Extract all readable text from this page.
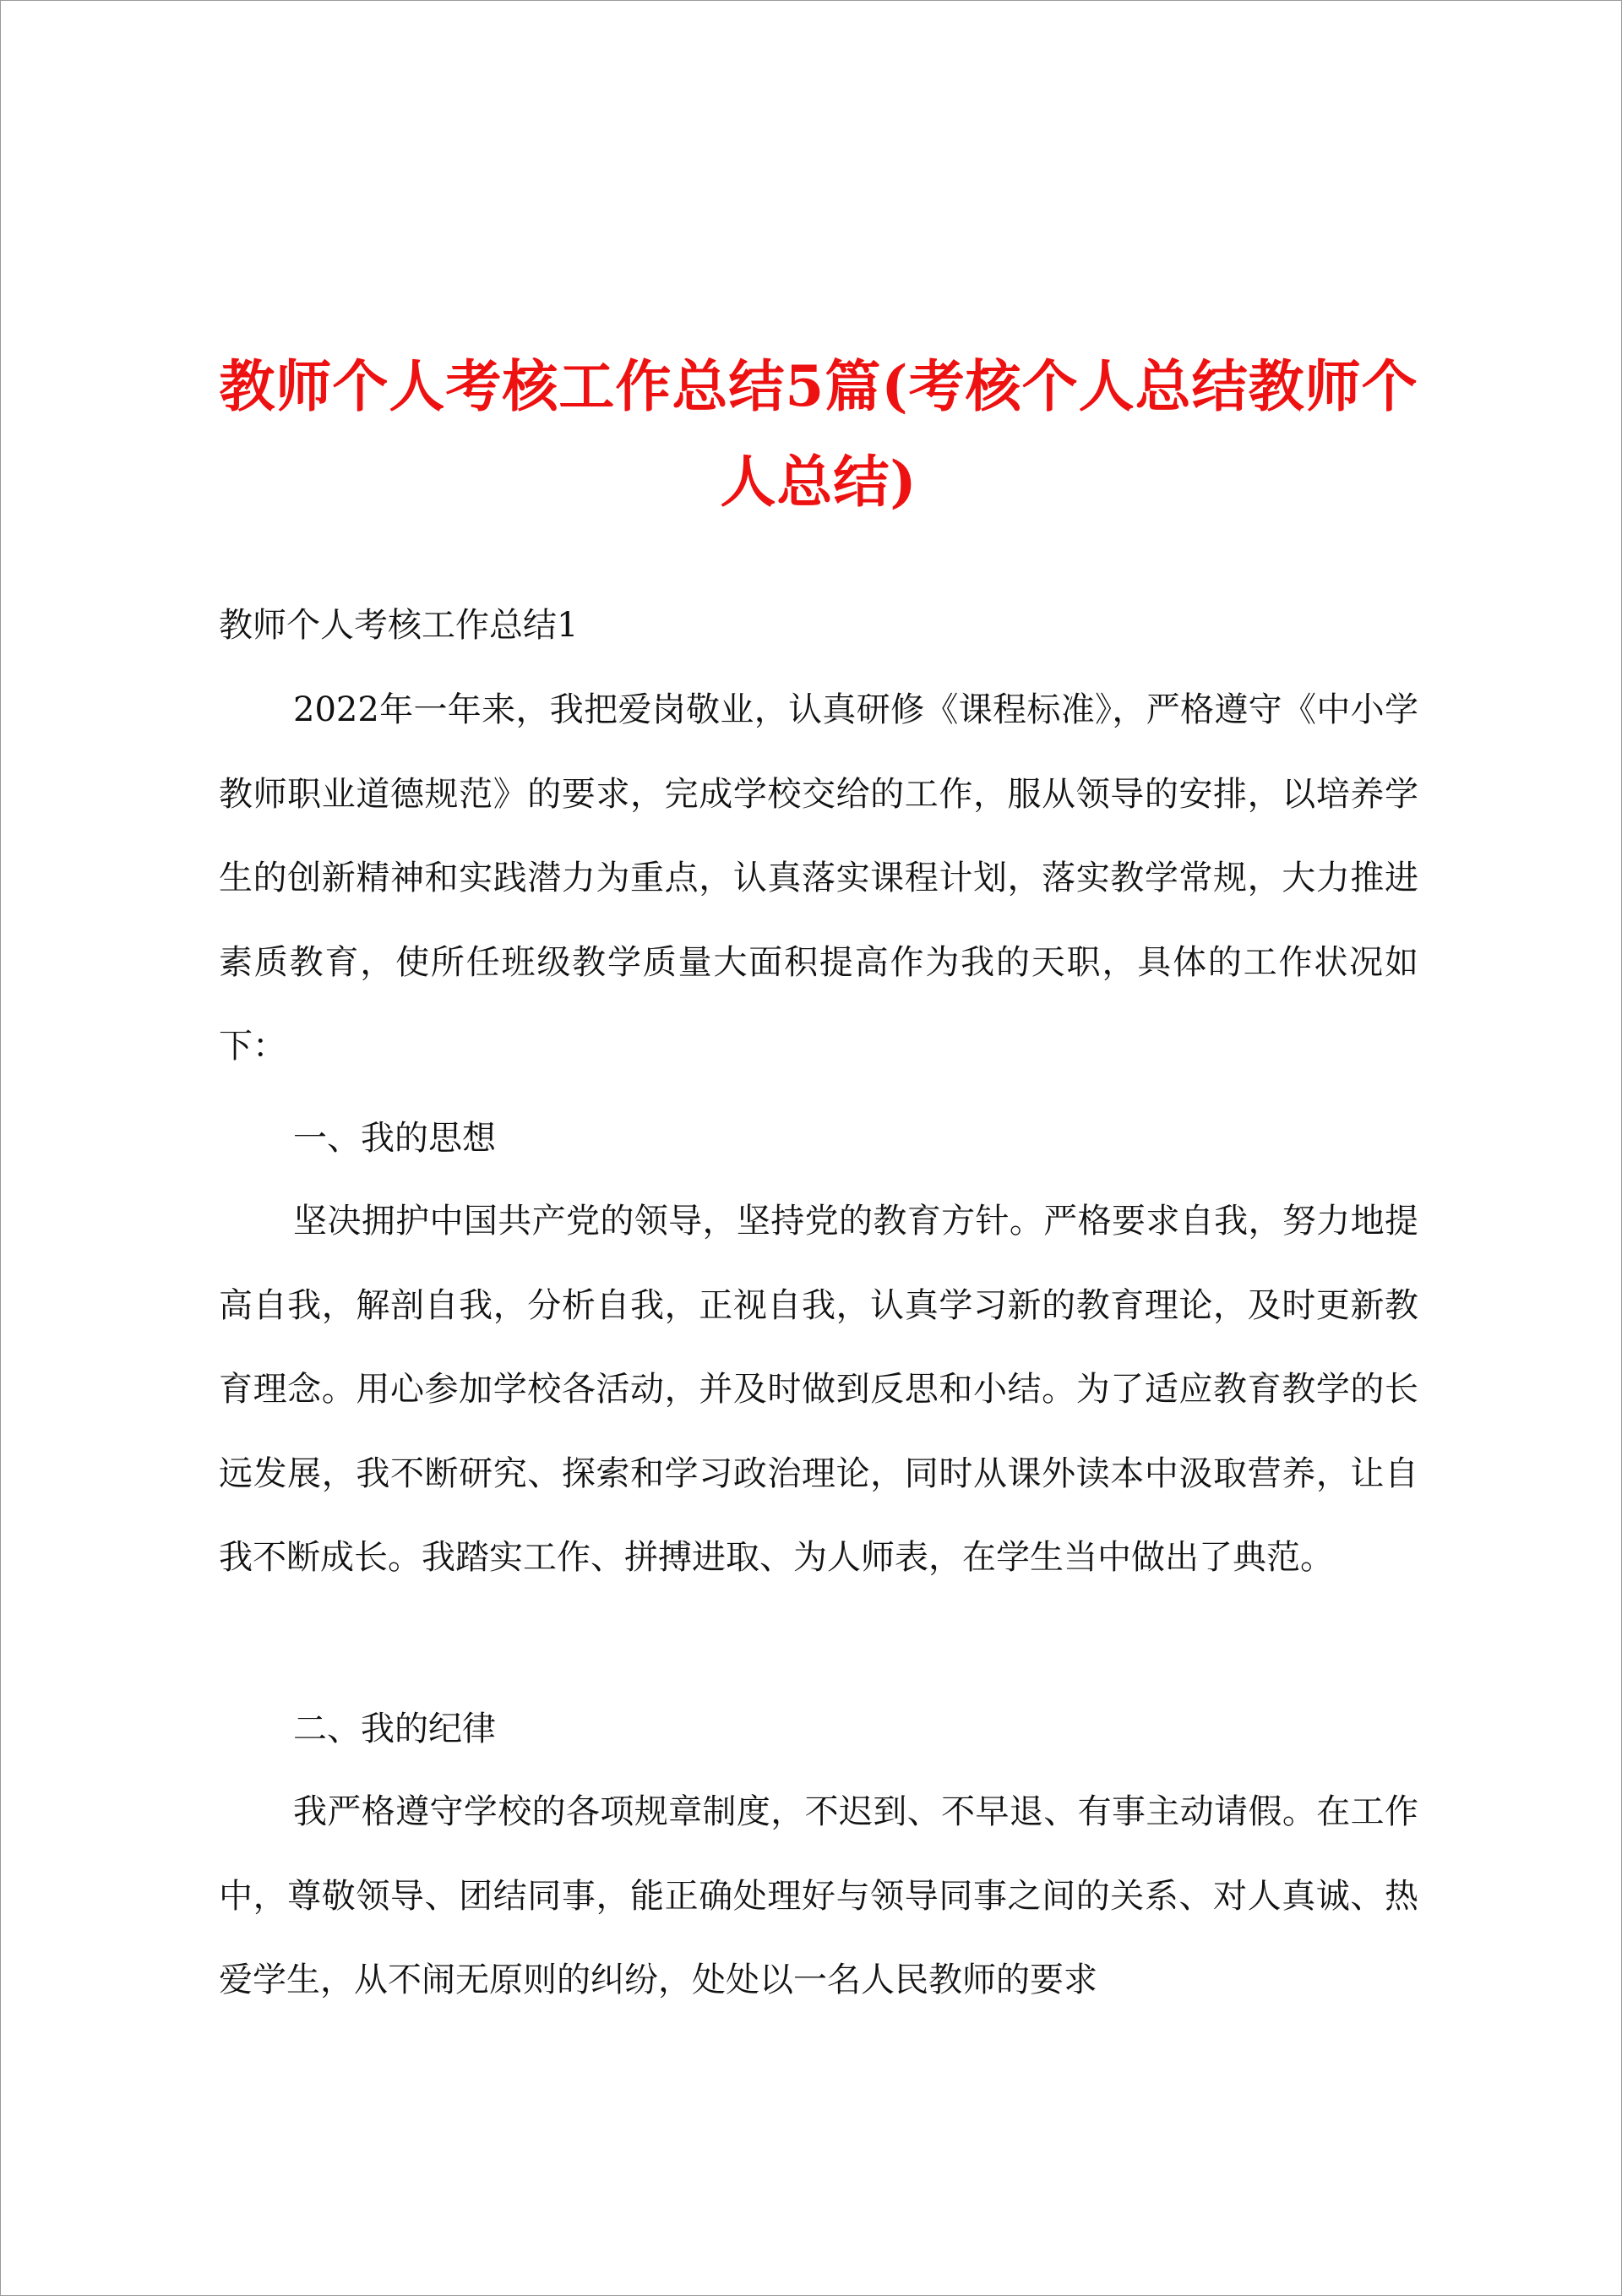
教师个人考核工作总结5篇(考核个人总结教师个人总结)
教师个人考核工作总结1

2022年一年来，我把爱岗敬业，认真研修《课程标准》，严格遵守《中小学教师职业道德规范》的要求，完成学校交给的工作，服从领导的安排，以培养学生的创新精神和实践潜力为重点，认真落实课程计划，落实教学常规，大力推进素质教育，使所任班级教学质量大面积提高作为我的天职，具体的工作状况如下：

一、我的思想

坚决拥护中国共产党的领导，坚持党的教育方针。严格要求自我，努力地提高自我，解剖自我，分析自我，正视自我，认真学习新的教育理论，及时更新教育理念。用心参加学校各活动，并及时做到反思和小结。为了适应教育教学的长远发展，我不断研究、探索和学习政治理论，同时从课外读本中汲取营养，让自我不断成长。我踏实工作、拼搏进取、为人师表，在学生当中做出了典范。

二、我的纪律

我严格遵守学校的各项规章制度，不迟到、不早退、有事主动请假。在工作中，尊敬领导、团结同事，能正确处理好与领导同事之间的关系、对人真诚、热爱学生，从不闹无原则的纠纷，处处以一名人民教师的要求
